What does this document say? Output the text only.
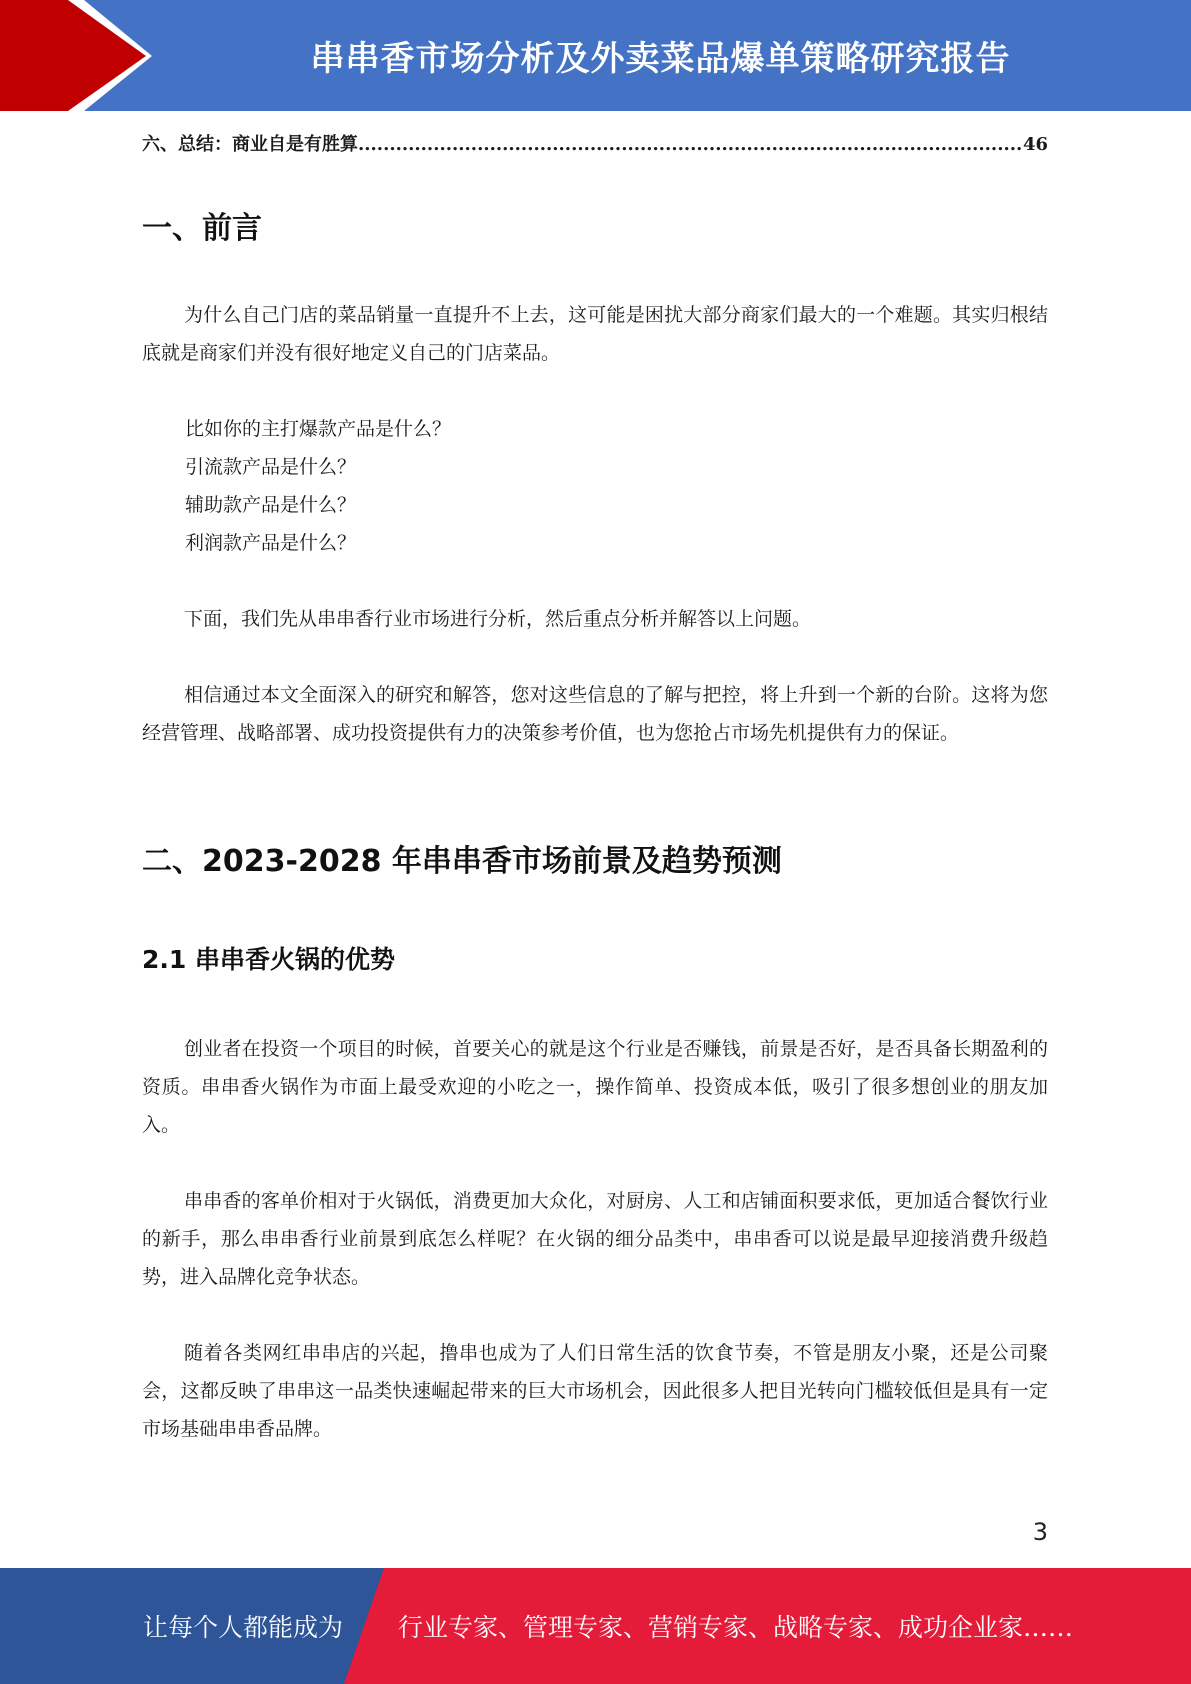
串串香市场分析及外卖菜品爆单策略研究报告
六、总结：商业自是有胜算
.....	46
一、前言
为什么自己门店的菜品销量一直提升不上去，这可能是困扰大部分商家们最大的一个难题。其实归根结底就是商家们并没有很好地定义自己的门店菜品。
比如你的主打爆款产品是什么？
引流款产品是什么？
辅助款产品是什么？
利润款产品是什么？
下面，我们先从串串香行业市场进行分析，然后重点分析并解答以上问题。
相信通过本文全面深入的研究和解答，您对这些信息的了解与把控，将上升到一个新的台阶。这将为您经营管理、战略部署、成功投资提供有力的决策参考价值，也为您抢占市场先机提供有力的保证。
二、2023-2028 年串串香市场前景及趋势预测
2.1 串串香火锅的优势
创业者在投资一个项目的时候，首要关心的就是这个行业是否赚钱，前景是否好，是否具备长期盈利的资质。串串香火锅作为市面上最受欢迎的小吃之一，操作简单、投资成本低，吸引了很多想创业的朋友加入。
串串香的客单价相对于火锅低，消费更加大众化，对厨房、人工和店铺面积要求低，更加适合餐饮行业的新手，那么串串香行业前景到底怎么样呢？在火锅的细分品类中，串串香可以说是最早迎接消费升级趋势，进入品牌化竞争状态。
随着各类网红串串店的兴起，撸串也成为了人们日常生活的饮食节奏，不管是朋友小聚，还是公司聚会，这都反映了串串这一品类快速崛起带来的巨大市场机会，因此很多人把目光转向门槛较低但是具有一定市场基础串串香品牌。
3
让每个人都能成为 行业专家、管理专家、营销专家、战略专家、成功企业家……
